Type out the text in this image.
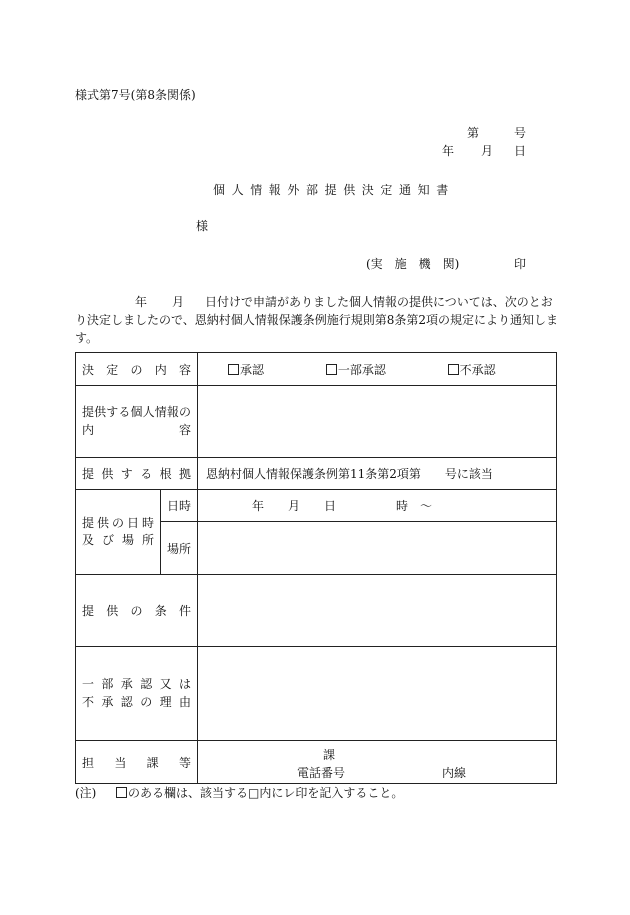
様式第7号(第8条関係)
第	号
年 月 日
個人情報外部提供決定通知書
様
(実　施　機　関)	印
年 月 日付けで申請がありました個人情報の提供については、次のとお
り決定しましたので、恩納村個人情報保護条例施行規則第8条第2項の規定により通知しま
す。
決定の内容		承認 一部承認 不承認

提供する個人情報の
内容		

提供する根拠		恩納村個人情報保護条例第11条第2項第　　号に該当

提供の日時
及び場所	日時	年　　月　　日　　　　　時　～
	場所	
提供の条件		

一部承認又は
不承認の理由		

担当課等		課
電話番号 内線
(注)	のある欄は、該当する□内にレ印を記入すること。
